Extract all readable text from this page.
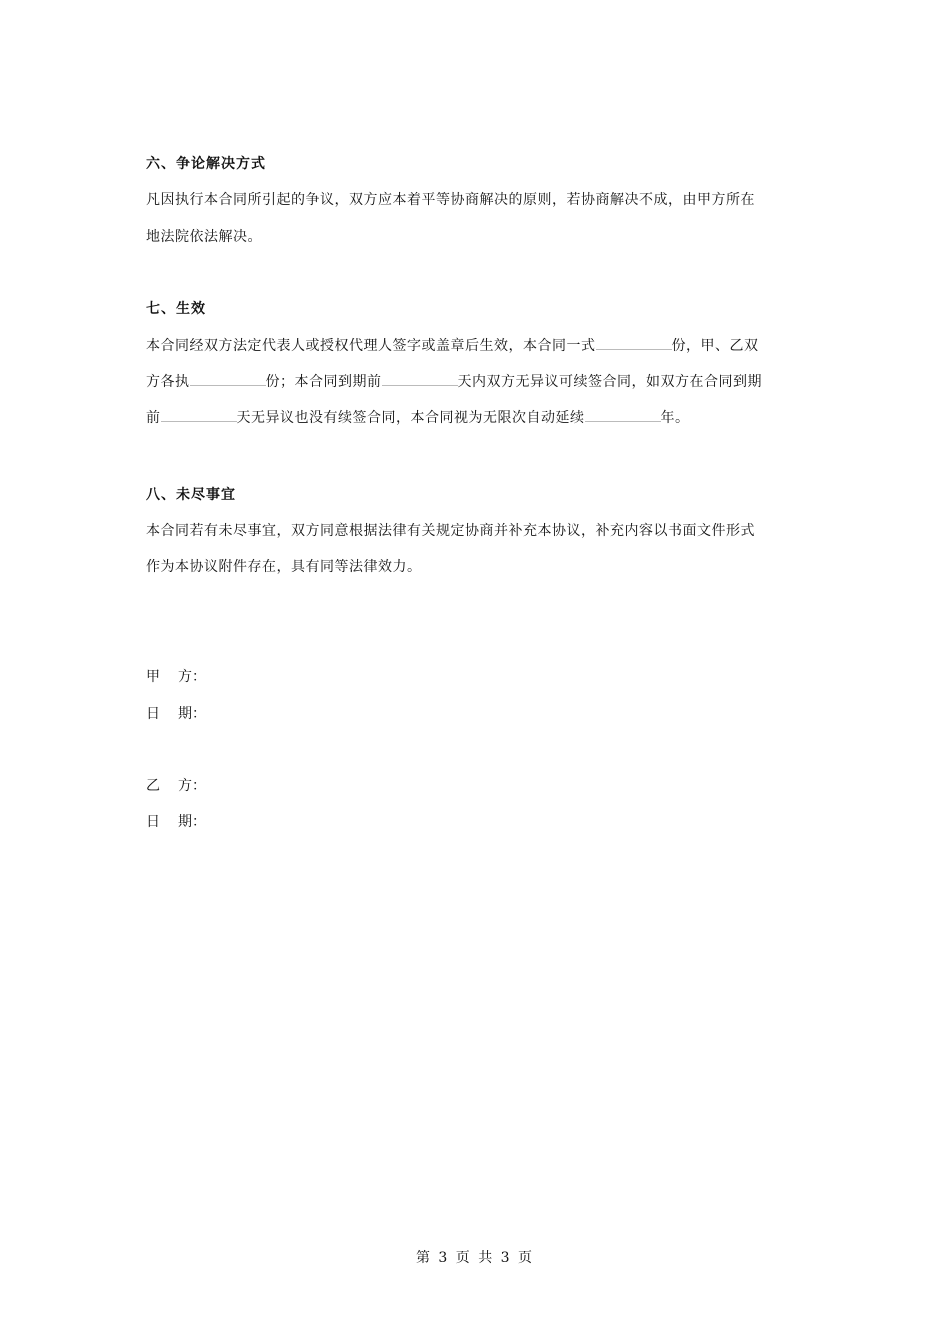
六、争论解决方式
凡因执行本合同所引起的争议，双方应本着平等协商解决的原则，若协商解决不成，由甲方所在
地法院依法解决。
七、生效
本合同经双方法定代表人或授权代理人签字或盖章后生效，本合同一式	份，甲、乙双
方各执	份；本合同到期前	天内双方无异议可续签合同，如双方在合同到期
前	天无异议也没有续签合同，本合同视为无限次自动延续	年。
八、未尽事宜
本合同若有未尽事宜，双方同意根据法律有关规定协商并补充本协议，补充内容以书面文件形式
作为本协议附件存在，具有同等法律效力。
甲 方：
日 期：
乙 方：
日 期：
第 3 页 共 3 页
